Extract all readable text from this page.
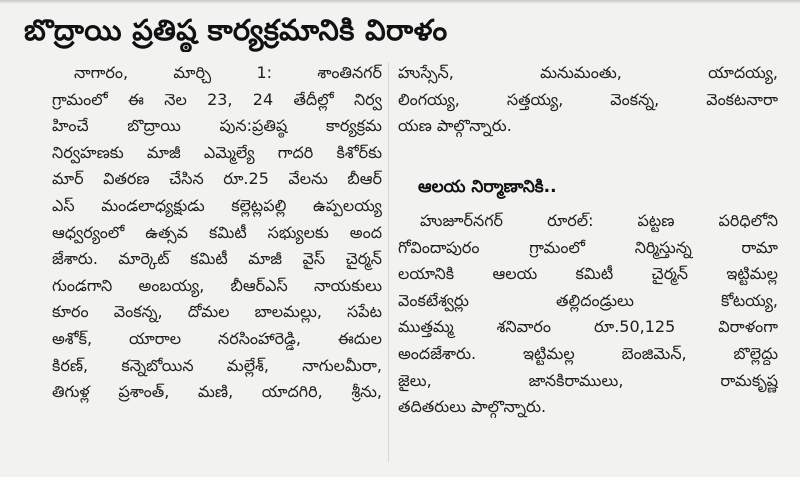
బొద్రాయి ప్రతిష్ఠ కార్యక్రమానికి విరాళం
నాగారం, మార్చి 1: శాంతినగర్
గ్రామంలో ఈ నెల 23, 24 తేదీల్లో నిర్వ
హించే బొద్రాయి పున:ప్రతిష్ఠ కార్యక్రమ
నిర్వహణకు మాజీ ఎమ్మెల్యే గాదరి కిశోర్‌కు
మార్ వితరణ చేసిన రూ.25 వేలను బీఆర్
ఎస్ మండలాధ్యక్షుడు కల్లెట్లపల్లి ఉప్పలయ్య
ఆధ్వర్యంలో ఉత్సవ కమిటీ సభ్యులకు అంద
జేశారు. మార్కెట్ కమిటీ మాజీ వైస్ చైర్మన్
గుండగాని అంబయ్య, బీఆర్ఎస్ నాయకులు
కూరం వెంకన్న, దోమల బాలమల్లు, సపేట
అశోక్, యారాల నరసింహారెడ్డి, ఈదుల
కిరణ్, కన్నెబోయిన మల్లేశ్, నాగులమీరా,
తిగుళ్ల ప్రశాంత్, మణి, యాదగిరి, శ్రీను,
హుస్సేన్, మనుమంతు, యాదయ్య,
లింగయ్య, సత్తయ్య, వెంకన్న, వెంకటనారా
యణ పాల్గొన్నారు.
ఆలయ నిర్మాణానికి..
హుజూర్‌నగర్ రూరల్: పట్టణ పరిధిలోని
గోవిందాపురం గ్రామంలో నిర్మిస్తున్న రామా
లయానికి ఆలయ కమిటీ చైర్మన్ ఇట్టిమల్ల
వెంకటేశ్వర్లు తల్లిదండ్రులు కోటయ్య,
ముత్తమ్మ శనివారం రూ.50,125 విరాళంగా
అందజేశారు. ఇట్టిమల్ల బెంజిమెన్, బొల్లెద్దు
జైలు, జానకిరాములు, రామకృష్ణ
తదితరులు పాల్గొన్నారు.
